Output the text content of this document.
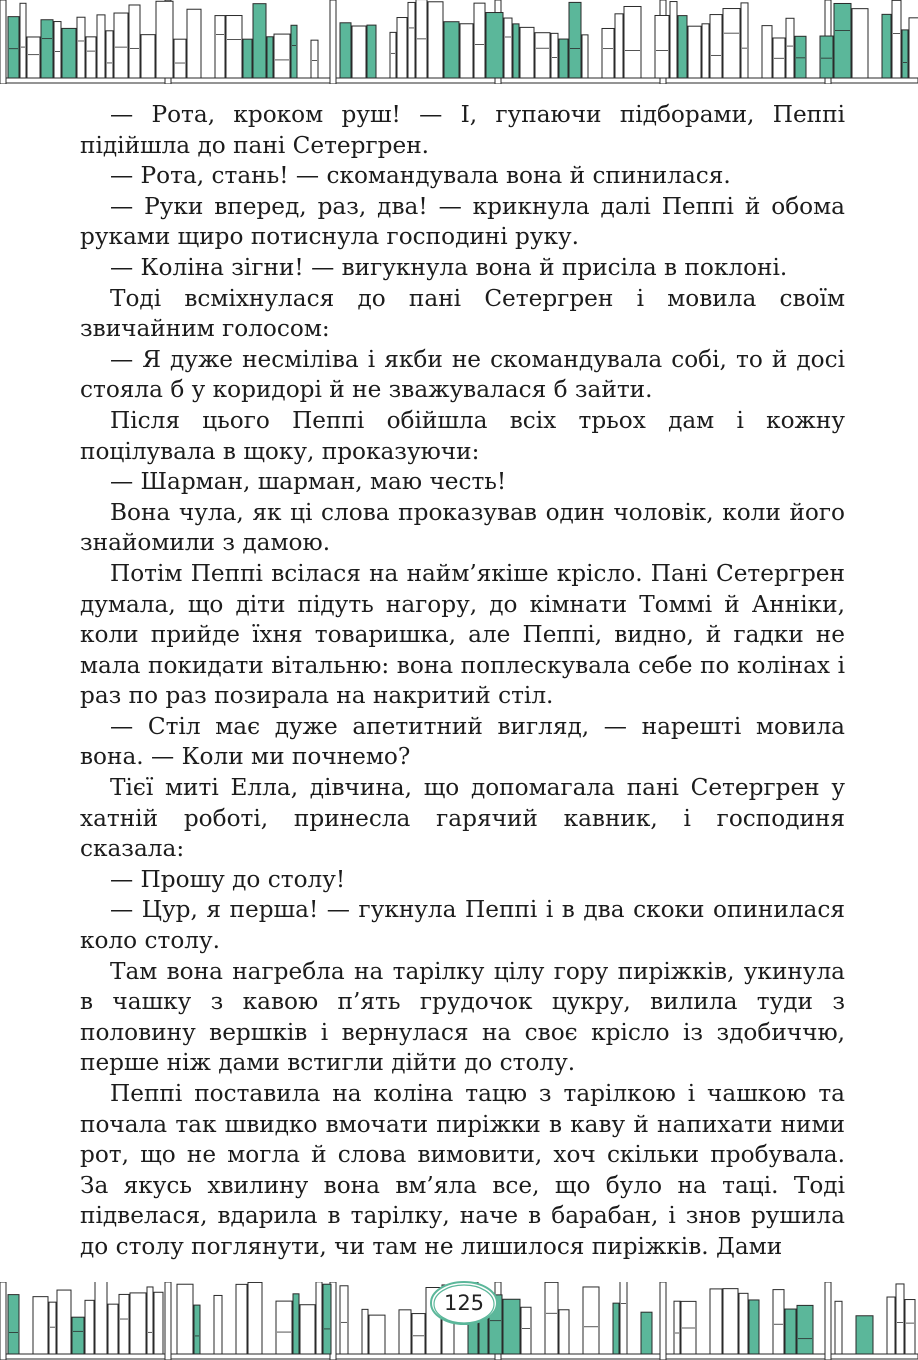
— Рота, кроком руш! — І, гупаючи підборами, Пеппі підійшла до пані Сетергрен.

— Рота, стань! — скомандувала вона й спинилася.

— Руки вперед, раз, два! — крикнула далі Пеппі й обома руками щиро потиснула господині руку.

— Коліна зігни! — вигукнула вона й присіла в поклоні.

Тоді всміхнулася до пані Сетергрен і мовила своїм звичайним голосом:

— Я дуже несміліва і якби не скомандувала собі, то й досі стояла б у коридорі й не зважувалася б зайти.

Після цього Пеппі обійшла всіх трьох дам і кожну поцілувала в щоку, проказуючи:

— Шарман, шарман, маю честь!

Вона чула, як ці слова проказував один чоловік, коли його знайомили з дамою.

Потім Пеппі всілася на найм’якіше крісло. Пані Сетергрен думала, що діти підуть нагору, до кімнати Томмі й Анніки, коли прийде їхня товаришка, але Пеппі, видно, й гадки не мала покидати вітальню: вона поплескувала себе по колінах і раз по раз позирала на накритий стіл.

— Стіл має дуже апетитний вигляд, — нарешті мовила вона. — Коли ми почнемо?

Тієї миті Елла, дівчина, що допомагала пані Сетергрен у хатній роботі, принесла гарячий кавник, і господиня сказала:

— Прошу до столу!

— Цур, я перша! — гукнула Пеппі і в два скоки опинилася коло столу.

Там вона нагребла на тарілку цілу гору пиріжків, укинула в чашку з кавою п’ять грудочок цукру, вилила туди з половину вершків і вернулася на своє крісло із здобиччю, перше ніж дами встигли дійти до столу.

Пеппі поставила на коліна тацю з тарілкою і чашкою та почала так швидко вмочати пиріжки в каву й напихати ними рот, що не могла й слова вимовити, хоч скільки пробувала. За якусь хвилину вона вм’яла все, що було на таці. Тоді підвелася, вдарила в тарілку, наче в барабан, і знов рушила до столу поглянути, чи там не лишилося пиріжків. Дами

125
